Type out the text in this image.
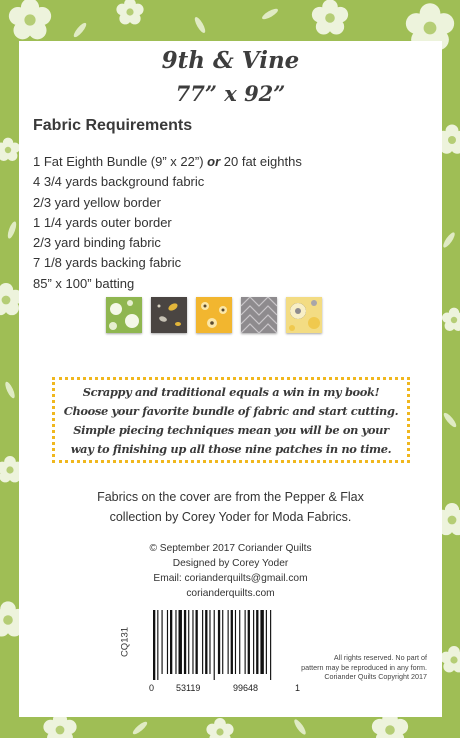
9th & Vine
77” x 92”
Fabric Requirements
1 Fat Eighth Bundle (9” x 22”) or 20 fat eighths
4 3/4 yards background fabric
2/3 yard yellow border
1 1/4 yards outer border
2/3 yard binding fabric
7 1/8 yards backing fabric
85” x 100” batting

Scrappy and traditional equals a win in my book!

Choose your favorite bundle of fabric and start cutting.

Simple piecing techniques mean you will be on your

way to finishing up all those nine patches in no time.

Fabrics on the cover are from the Pepper & Flax
collection by Corey Yoder for Moda Fabrics.
© September 2017 Coriander Quilts
Designed by Corey Yoder
Email: corianderquilts@gmail.com
corianderquilts.com
CQ131
0 53119	99648	1
All rights reserved. No part of
pattern may be reproduced in any form.
Coriander Quilts Copyright 2017
